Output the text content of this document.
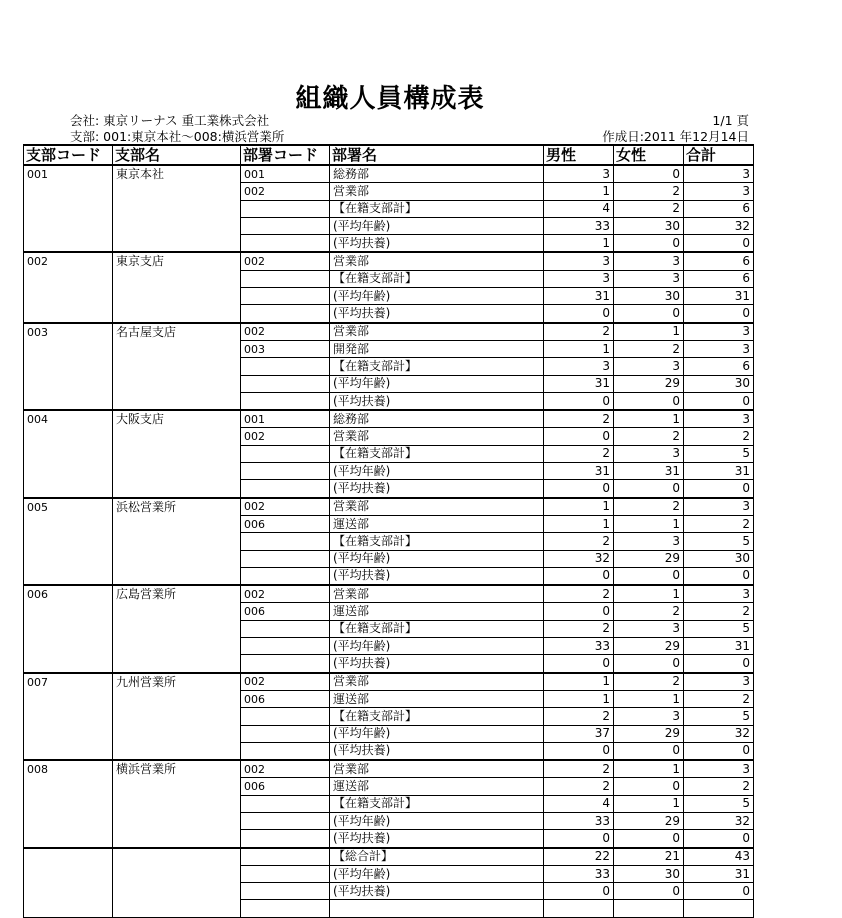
組織人員構成表
会社: 東京リーナス 重工業株式会社
支部: 001:東京本社～008:横浜営業所
1/1 頁
作成日:2011 年12月14日
支部コード	支部名	部署コード	部署名	男性	女性	合計
001	東京本社	001	総務部	3	0	3
		002	営業部	1	2	3
			【在籍支部計】	4	2	6
			(平均年齢)	33	30	32
			(平均扶養)	1	0	0
002	東京支店	002	営業部	3	3	6
			【在籍支部計】	3	3	6
			(平均年齢)	31	30	31
			(平均扶養)	0	0	0
003	名古屋支店	002	営業部	2	1	3
		003	開発部	1	2	3
			【在籍支部計】	3	3	6
			(平均年齢)	31	29	30
			(平均扶養)	0	0	0
004	大阪支店	001	総務部	2	1	3
		002	営業部	0	2	2
			【在籍支部計】	2	3	5
			(平均年齢)	31	31	31
			(平均扶養)	0	0	0
005	浜松営業所	002	営業部	1	2	3
		006	運送部	1	1	2
			【在籍支部計】	2	3	5
			(平均年齢)	32	29	30
			(平均扶養)	0	0	0
006	広島営業所	002	営業部	2	1	3
		006	運送部	0	2	2
			【在籍支部計】	2	3	5
			(平均年齢)	33	29	31
			(平均扶養)	0	0	0
007	九州営業所	002	営業部	1	2	3
		006	運送部	1	1	2
			【在籍支部計】	2	3	5
			(平均年齢)	37	29	32
			(平均扶養)	0	0	0
008	横浜営業所	002	営業部	2	1	3
		006	運送部	2	0	2
			【在籍支部計】	4	1	5
			(平均年齢)	33	29	32
			(平均扶養)	0	0	0
			【総合計】	22	21	43
			(平均年齢)	33	30	31
			(平均扶養)	0	0	0
